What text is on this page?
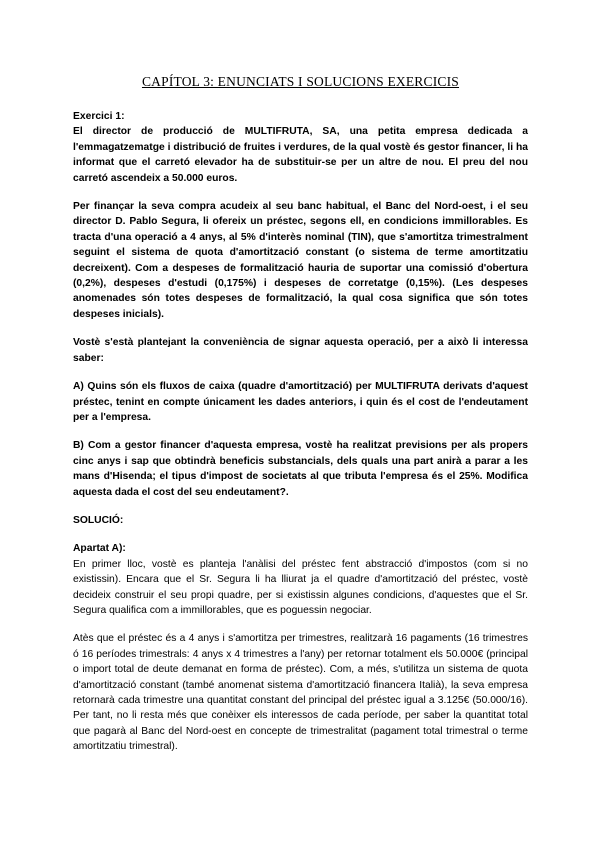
CAPÍTOL 3: ENUNCIATS I SOLUCIONS EXERCICIS
Exercici 1:

El director de producció de MULTIFRUTA, SA, una petita empresa dedicada a l'emmagatzematge i distribució de fruites i verdures, de la qual vostè és gestor financer, li ha informat que el carretó elevador ha de substituir-se per un altre de nou. El preu del nou carretó ascendeix a 50.000 euros.

Per finançar la seva compra acudeix al seu banc habitual, el Banc del Nord-oest, i el seu director D. Pablo Segura, li ofereix un préstec, segons ell, en condicions immillorables. Es tracta d'una operació a 4 anys, al 5% d'interès nominal (TIN), que s'amortitza trimestralment seguint el sistema de quota d'amortització constant (o sistema de terme amortitzatiu decreixent). Com a despeses de formalització hauria de suportar una comissió d'obertura (0,2%), despeses d'estudi (0,175%) i despeses de corretatge (0,15%). (Les despeses anomenades són totes despeses de formalització, la qual cosa significa que són totes despeses inicials).

Vostè s'està plantejant la conveniència de signar aquesta operació, per a això li interessa saber:

A) Quins són els fluxos de caixa (quadre d'amortització) per MULTIFRUTA derivats d'aquest préstec, tenint en compte únicament les dades anteriors, i quin és el cost de l'endeutament per a l'empresa.

B) Com a gestor financer d'aquesta empresa, vostè ha realitzat previsions per als propers cinc anys i sap que obtindrà beneficis substancials, dels quals una part anirà a parar a les mans d'Hisenda; el tipus d'impost de societats al que tributa l'empresa és el 25%. Modifica aquesta dada el cost del seu endeutament?.

SOLUCIÓ:
Apartat A):

En primer lloc, vostè es planteja l'anàlisi del préstec fent abstracció d'impostos (com si no existissin). Encara que el Sr. Segura li ha lliurat ja el quadre d'amortització del préstec, vostè decideix construir el seu propi quadre, per si existissin algunes condicions, d'aquestes que el Sr. Segura qualifica com a immillorables, que es poguessin negociar.

Atès que el préstec és a 4 anys i s'amortitza per trimestres, realitzarà 16 pagaments (16 trimestres ó 16 períodes trimestrals: 4 anys x 4 trimestres a l'any) per retornar totalment els 50.000€ (principal o import total de deute demanat en forma de préstec). Com, a més, s'utilitza un sistema de quota d'amortització constant (també anomenat sistema d'amortització financera Italià), la seva empresa retornarà cada trimestre una quantitat constant del principal del préstec igual a 3.125€ (50.000/16). Per tant, no li resta més que conèixer els interessos de cada període, per saber la quantitat total que pagarà al Banc del Nord-oest en concepte de trimestralitat (pagament total trimestral o terme amortitzatiu trimestral).
